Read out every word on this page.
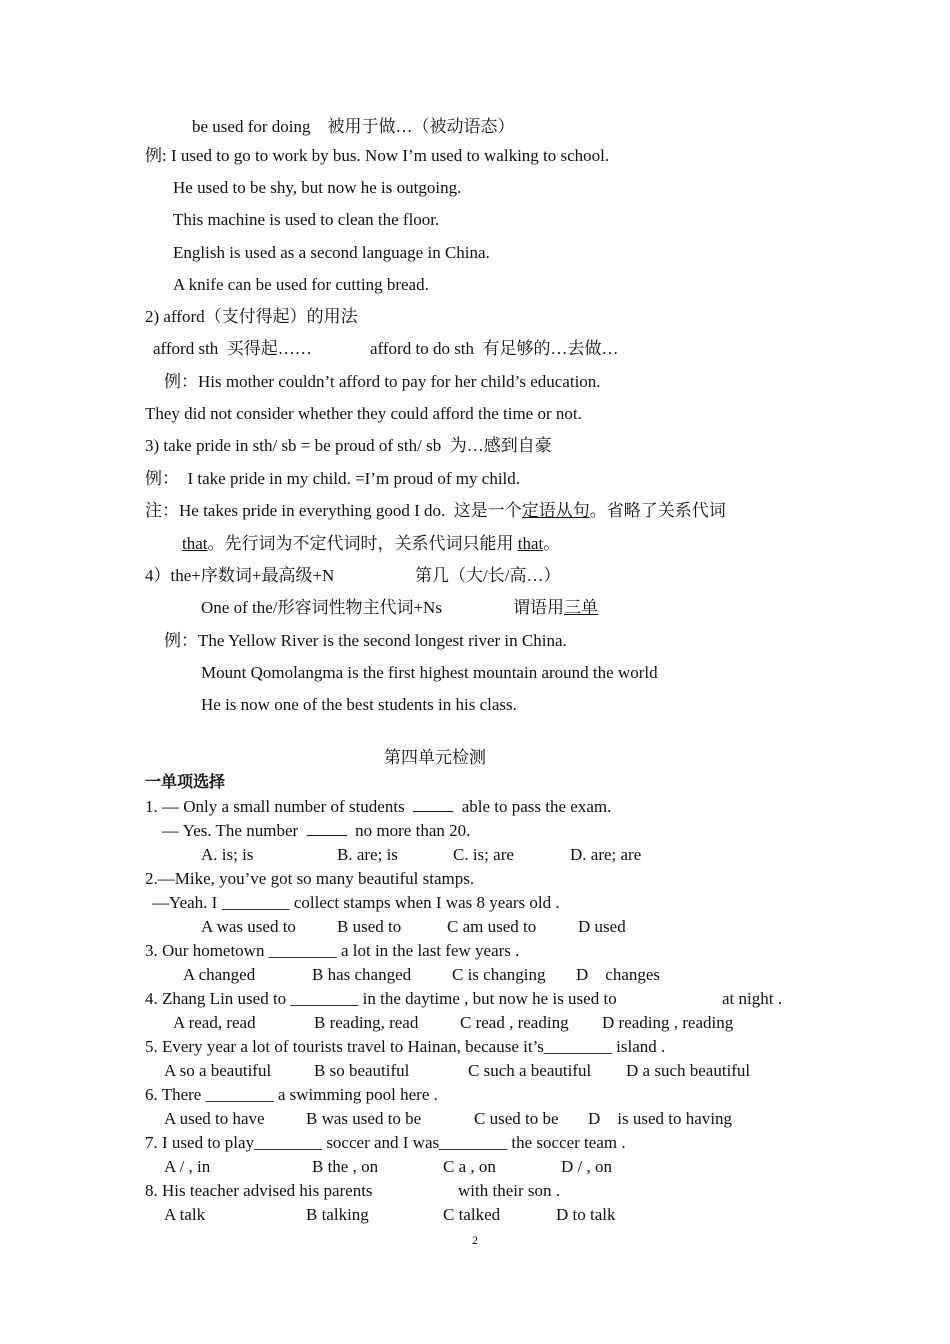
be used for doing　被用于做…（被动语态）
例: I used to go to work by bus. Now I’m used to walking to school.
He used to be shy, but now he is outgoing.
This machine is used to clean the floor.
English is used as a second language in China.
A knife can be used for cutting bread.
2) afford（支付得起）的用法
afford sth  买得起……	afford to do sth  有足够的…去做…
例：His mother couldn’t afford to pay for her child’s education.
They did not consider whether they could afford the time or not.
3) take pride in sth/ sb = be proud of sth/ sb  为…感到自豪
例：  I take pride in my child. =I’m proud of my child.
注：He takes pride in everything good I do.  这是一个定语从句。省略了关系代词
that。先行词为不定代词时，关系代词只能用 that。
4）the+序数词+最高级+N	第几（大/长/高…）
One of the/形容词性物主代词+Ns	谓语用三单
例：The Yellow River is the second longest river in China.
Mount Qomolangma is the first highest mountain around the world
He is now one of the best students in his class.
第四单元检测
一单项选择
1. — Only a small number of students	able to pass the exam.
— Yes. The number	no more than 20.
A. is; is	B. are; is	C. is; are	D. are; are
2.—Mike, you’ve got so many beautiful stamps.
—Yeah. I ________ collect stamps when I was 8 years old .
A was used to B used to	C am used to D used
3. Our hometown ________ a lot in the last few years .
A changed	B has changed C is changing D    changes
4. Zhang Lin used to ________ in the daytime , but now he is used to	at night .
A read, read	B reading, read C read , reading D reading , reading
5. Every year a lot of tourists travel to Hainan, because it’s________ island .
A so a beautiful	B so beautiful	C such a beautiful D a such beautiful
6. There ________ a swimming pool here .
A used to have B was used to be	C used to be D    is used to having
7. I used to play________ soccer and I was________ the soccer team .
A / , in	B the , on	C a , on	D / , on
8. His teacher advised his parents	with their son .
A talk	B talking	C talked	D to talk
2
